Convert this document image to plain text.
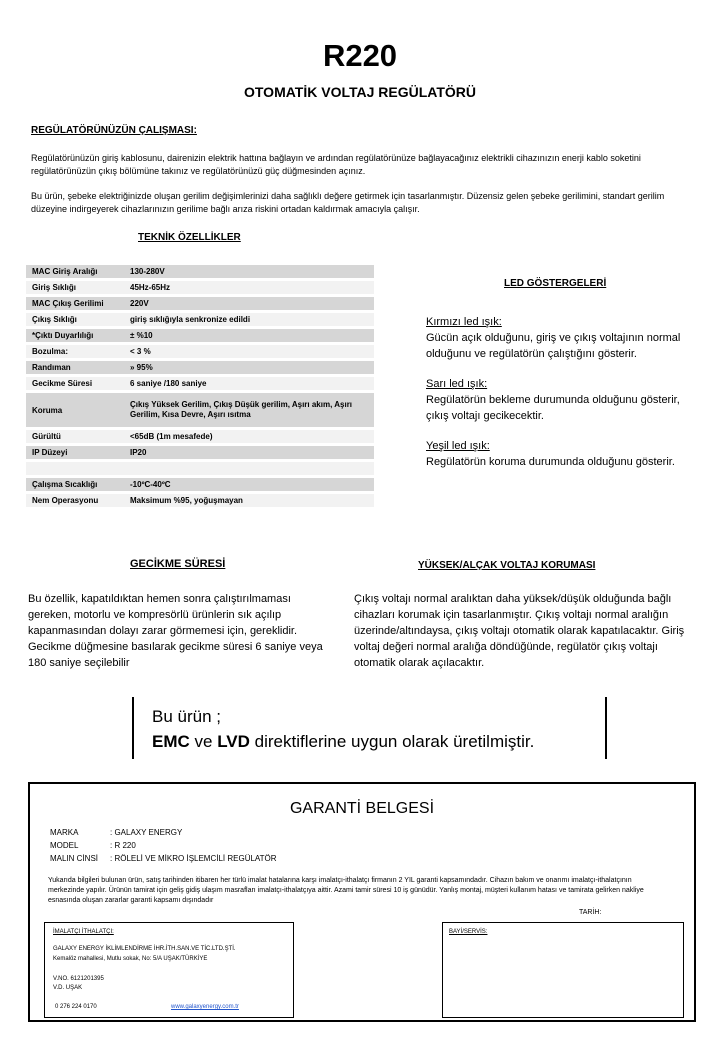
R220
OTOMATİK VOLTAJ REGÜLATÖRÜ
REGÜLATÖRÜNÜZÜN ÇALIŞMASI:
Regülatörünüzün giriş kablosunu, dairenizin elektrik hattına bağlayın ve ardından regülatörünüze bağlayacağınız elektrikli cihazınızın enerji kablo soketini regülatörünüzün çıkış bölümüne takınız ve regülatörünüzü güç düğmesinden açınız.
Bu ürün, şebeke elektriğinizde oluşan gerilim değişimlerinizi daha sağlıklı değere getirmek için tasarlanmıştır. Düzensiz gelen şebeke gerilimini, standart gerilim düzeyine indirgeyerek cihazlarınızın gerilime bağlı arıza riskini ortadan kaldırmak amacıyla çalışır.
TEKNİK ÖZELLİKLER
MAC Giriş Aralığı	130-280V
Giriş Sıklığı	45Hz-65Hz
MAC Çıkış Gerilimi	220V
Çıkış Sıklığı	giriş sıklığıyla senkronize edildi
*Çıktı Duyarlılığı	± %10
Bozulma:	< 3 %
Randıman	» 95%
Gecikme Süresi	6 saniye /180 saniye
Koruma	Çıkış Yüksek Gerilim, Çıkış Düşük gerilim, Aşırı akım, Aşırı Gerilim, Kısa Devre, Aşırı ısıtma
Gürültü	<65dB (1m mesafede)
IP Düzeyi	IP20

Çalışma Sıcaklığı	-10ºC-40ºC
Nem Operasyonu	Maksimum %95, yoğuşmayan
LED GÖSTERGELERİ

Kırmızı led ışık:
Gücün açık olduğunu, giriş ve çıkış voltajının normal olduğunu ve regülatörün çalıştığını gösterir.

Sarı led ışık:
Regülatörün bekleme durumunda olduğunu gösterir, çıkış voltajı gecikecektir.

Yeşil led ışık:
Regülatörün koruma durumunda olduğunu gösterir.

GECİKME SÜRESİ
Bu özellik, kapatıldıktan hemen sonra çalıştırılmaması gereken, motorlu ve kompresörlü ürünlerin sık açılıp kapanmasından dolayı zarar görmemesi için, gereklidir. Gecikme düğmesine basılarak gecikme süresi 6 saniye veya 180 saniye seçilebilir
YÜKSEK/ALÇAK VOLTAJ KORUMASI
Çıkış voltajı normal aralıktan daha yüksek/düşük olduğunda bağlı cihazları korumak için tasarlanmıştır. Çıkış voltajı normal aralığın üzerinde/altındaysa, çıkış voltajı otomatik olarak kapatılacaktır. Giriş voltaj değeri normal aralığa döndüğünde, regülatör çıkış voltajı otomatik olarak açılacaktır.
Bu ürün ;
EMC ve LVD direktiflerine uygun olarak üretilmiştir.
GARANTİ BELGESİ
MARKA	: GALAXY ENERGY
MODEL	: R 220
MALIN CİNSİ : RÖLELİ VE MİKRO İŞLEMCİLİ REGÜLATÖR
Yukarıda bilgileri bulunan ürün, satış tarihinden itibaren her türlü imalat hatalarına karşı imalatçı-ithalatçı firmanın 2 YIL garanti kapsamındadır. Cihazın bakım ve onarımı imalatçı-ithalatçının merkezinde yapılır. Ürünün tamirat için geliş gidiş ulaşım masrafları imalatçı-ithalatçıya aittir. Azami tamir süresi 10 iş günüdür. Yanlış montaj, müşteri kullanım hatası ve tamirata gelirken nakliye esnasında oluşan zararlar garanti kapsamı dışındadır
TARİH:
İMALATÇI İTHALATÇI:
GALAXY ENERGY İKLİMLENDİRME İHR.İTH.SAN.VE TİC.LTD.ŞTİ.
Kemalöz mahallesi, Mutlu sokak, No: 5/A UŞAK/TÜRKİYE
V.NO. 6121201395
V.D. UŞAK
0 276 224 0170	www.galaxyenergy.com.tr
BAYİ/SERVİS:
